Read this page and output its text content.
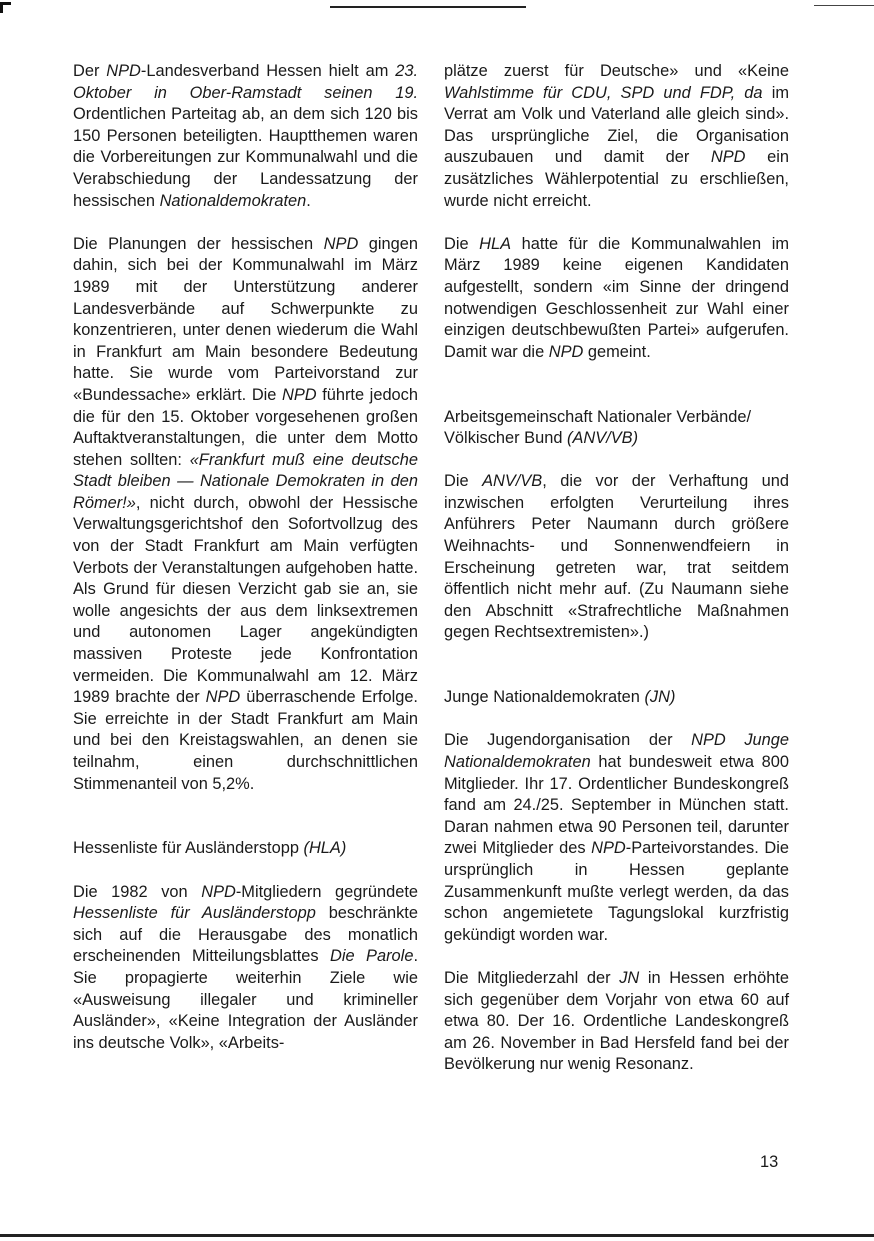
Der NPD-Landesverband Hessen hielt am 23. Oktober in Ober-Ramstadt seinen 19. Ordentlichen Parteitag ab, an dem sich 120 bis 150 Personen beteiligten. Hauptthemen waren die Vorbereitungen zur Kommunalwahl und die Verabschiedung der Landessatzung der hessischen Nationaldemokraten.

Die Planungen der hessischen NPD gingen dahin, sich bei der Kommunalwahl im März 1989 mit der Unterstützung anderer Landesverbände auf Schwerpunkte zu konzentrieren, unter denen wiederum die Wahl in Frankfurt am Main besondere Bedeutung hatte. Sie wurde vom Parteivorstand zur «Bundessache» erklärt. Die NPD führte jedoch die für den 15. Oktober vorgesehenen großen Auftaktveranstaltungen, die unter dem Motto stehen sollten: «Frankfurt muß eine deutsche Stadt bleiben — Nationale Demokraten in den Römer!», nicht durch, obwohl der Hessische Verwaltungsgerichtshof den Sofortvollzug des von der Stadt Frankfurt am Main verfügten Verbots der Veranstaltungen aufgehoben hatte. Als Grund für diesen Verzicht gab sie an, sie wolle angesichts der aus dem linksextremen und autonomen Lager angekündigten massiven Proteste jede Konfrontation vermeiden. Die Kommunalwahl am 12. März 1989 brachte der NPD überraschende Erfolge. Sie erreichte in der Stadt Frankfurt am Main und bei den Kreistagswahlen, an denen sie teilnahm, einen durchschnittlichen Stimmenanteil von 5,2%.

Hessenliste für Ausländerstopp (HLA)

Die 1982 von NPD-Mitgliedern gegründete Hessenliste für Ausländerstopp beschränkte sich auf die Herausgabe des monatlich erscheinenden Mitteilungsblattes Die Parole. Sie propagierte weiterhin Ziele wie «Ausweisung illegaler und krimineller Ausländer», «Keine Integration der Ausländer ins deutsche Volk», «Arbeits-

plätze zuerst für Deutsche» und «Keine Wahlstimme für CDU, SPD und FDP, da im Verrat am Volk und Vaterland alle gleich sind». Das ursprüngliche Ziel, die Organisation auszubauen und damit der NPD ein zusätzliches Wählerpotential zu erschließen, wurde nicht erreicht.

Die HLA hatte für die Kommunalwahlen im März 1989 keine eigenen Kandidaten aufgestellt, sondern «im Sinne der dringend notwendigen Geschlossenheit zur Wahl einer einzigen deutschbewußten Partei» aufgerufen. Damit war die NPD gemeint.

Arbeitsgemeinschaft Nationaler Verbände/
Völkischer Bund (ANV/VB)

Die ANV/VB, die vor der Verhaftung und inzwischen erfolgten Verurteilung ihres Anführers Peter Naumann durch größere Weihnachts- und Sonnenwendfeiern in Erscheinung getreten war, trat seitdem öffentlich nicht mehr auf. (Zu Naumann siehe den Abschnitt «Strafrechtliche Maßnahmen gegen Rechtsextremisten».)

Junge Nationaldemokraten (JN)

Die Jugendorganisation der NPD Junge Nationaldemokraten hat bundesweit etwa 800 Mitglieder. Ihr 17. Ordentlicher Bundeskongreß fand am 24./25. September in München statt. Daran nahmen etwa 90 Personen teil, darunter zwei Mitglieder des NPD-Parteivorstandes. Die ursprünglich in Hessen geplante Zusammenkunft mußte verlegt werden, da das schon angemietete Tagungslokal kurzfristig gekündigt worden war.

Die Mitgliederzahl der JN in Hessen erhöhte sich gegenüber dem Vorjahr von etwa 60 auf etwa 80. Der 16. Ordentliche Landeskongreß am 26. November in Bad Hersfeld fand bei der Bevölkerung nur wenig Resonanz.

13
